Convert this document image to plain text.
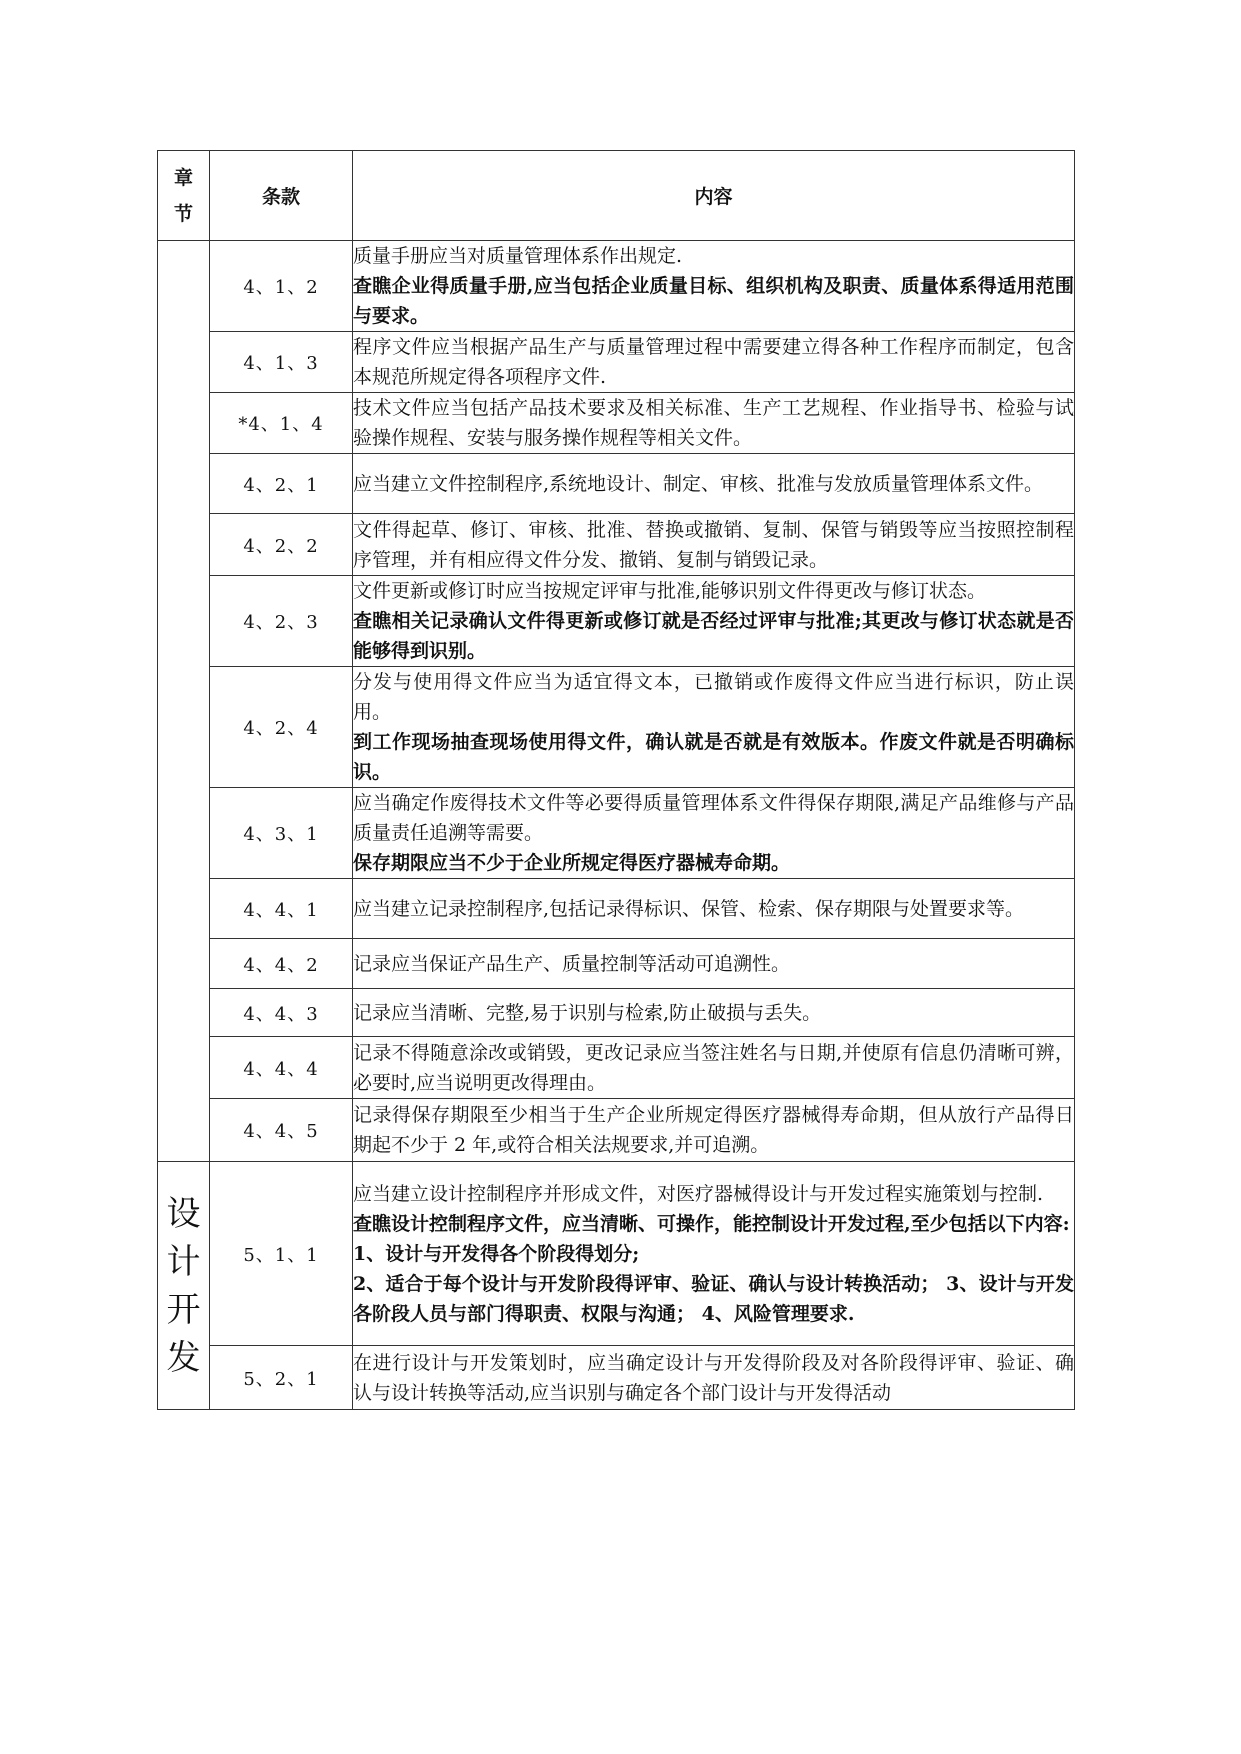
章
节	条款	内容

	4、1、2	质量手册应当对质量管理体系作出规定.
查瞧企业得质量手册,应当包括企业质量目标、组织机构及职责、质量体系得适用范围与要求。

	4、1、3	程序文件应当根据产品生产与质量管理过程中需要建立得各种工作程序而制定，包含本规范所规定得各项程序文件.

	*4、1、4	技术文件应当包括产品技术要求及相关标准、生产工艺规程、作业指导书、检验与试验操作规程、安装与服务操作规程等相关文件。

	4、2、1	应当建立文件控制程序,系统地设计、制定、审核、批准与发放质量管理体系文件。

	4、2、2	文件得起草、修订、审核、批准、替换或撤销、复制、保管与销毁等应当按照控制程序管理，并有相应得文件分发、撤销、复制与销毁记录。

	4、2、3	文件更新或修订时应当按规定评审与批准,能够识别文件得更改与修订状态。
查瞧相关记录确认文件得更新或修订就是否经过评审与批准;其更改与修订状态就是否能够得到识别。

	4、2、4	分发与使用得文件应当为适宜得文本，已撤销或作废得文件应当进行标识，防止误用。
到工作现场抽查现场使用得文件，确认就是否就是有效版本。作废文件就是否明确标识。

	4、3、1	应当确定作废得技术文件等必要得质量管理体系文件得保存期限,满足产品维修与产品质量责任追溯等需要。
保存期限应当不少于企业所规定得医疗器械寿命期。

	4、4、1	应当建立记录控制程序,包括记录得标识、保管、检索、保存期限与处置要求等。

	4、4、2	记录应当保证产品生产、质量控制等活动可追溯性。

	4、4、3	记录应当清晰、完整,易于识别与检索,防止破损与丢失。

	4、4、4	记录不得随意涂改或销毁，更改记录应当签注姓名与日期,并使原有信息仍清晰可辨，必要时,应当说明更改得理由。

	4、4、5	记录得保存期限至少相当于生产企业所规定得医疗器械得寿命期，但从放行产品得日期起不少于 2 年,或符合相关法规要求,并可追溯。

设
计
开
发	5、1、1	应当建立设计控制程序并形成文件，对医疗器械得设计与开发过程实施策划与控制.
查瞧设计控制程序文件，应当清晰、可操作，能控制设计开发过程,至少包括以下内容:
1、设计与开发得各个阶段得划分;
2、适合于每个设计与开发阶段得评审、验证、确认与设计转换活动； 3、设计与开发各阶段人员与部门得职责、权限与沟通； 4、风险管理要求.

	5、2、1	在进行设计与开发策划时，应当确定设计与开发得阶段及对各阶段得评审、验证、确认与设计转换等活动,应当识别与确定各个部门设计与开发得活动
